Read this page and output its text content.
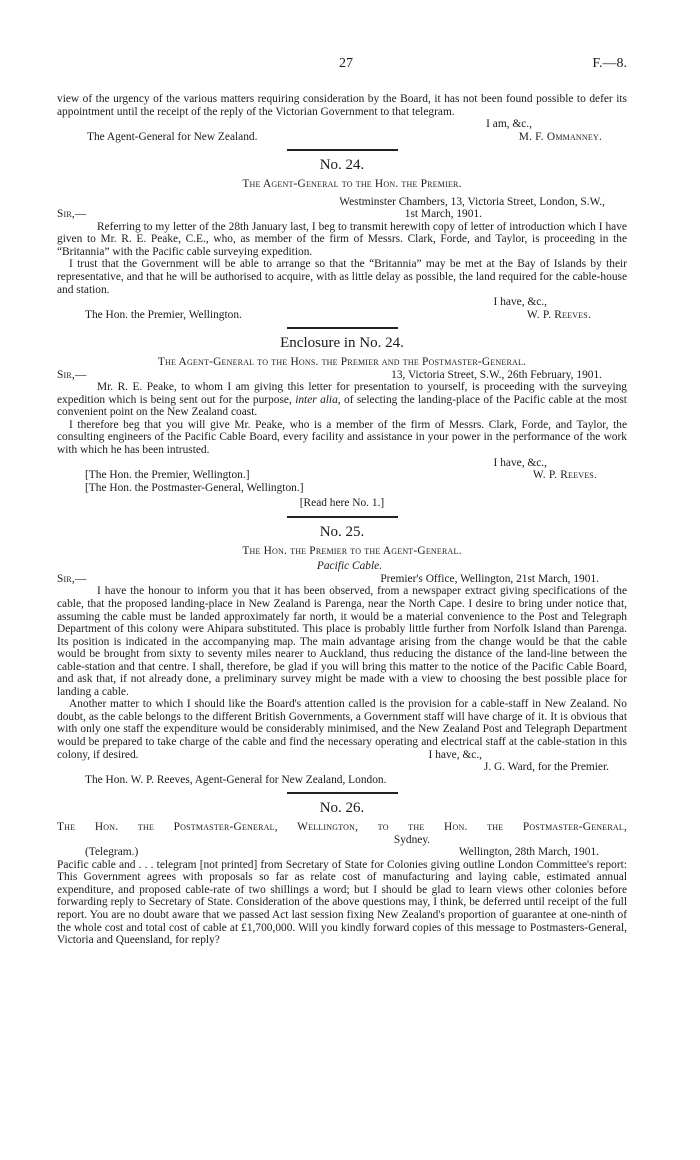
27	F.—8.

view of the urgency of the various matters requiring consideration by the Board, it has not been found possible to defer its appointment until the receipt of the reply of the Victorian Government to that telegram.

I am, &c.,
The Agent-General for New Zealand.	M. F. Ommanney.
No. 24.
The Agent-General to the Hon. the Premier.
Westminster Chambers, 13, Victoria Street, London, S.W.,
Sir,—	1st March, 1901.

Referring to my letter of the 28th January last, I beg to transmit herewith copy of letter of introduction which I have given to Mr. R. E. Peake, C.E., who, as member of the firm of Messrs. Clark, Forde, and Taylor, is proceeding in the “Britannia” with the Pacific cable surveying expedition.

I trust that the Government will be able to arrange so that the “Britannia” may be met at the Bay of Islands by their representative, and that he will be authorised to acquire, with as little delay as possible, the land required for the cable-house and station.

I have, &c.,
The Hon. the Premier, Wellington.	W. P. Reeves.
Enclosure in No. 24.
The Agent-General to the Hons. the Premier and the Postmaster-General.
Sir,—	13, Victoria Street, S.W., 26th February, 1901.

Mr. R. E. Peake, to whom I am giving this letter for presentation to yourself, is proceeding with the surveying expedition which is being sent out for the purpose, inter alia, of selecting the landing-place of the Pacific cable at the most convenient point on the New Zealand coast.

I therefore beg that you will give Mr. Peake, who is a member of the firm of Messrs. Clark, Forde, and Taylor, the consulting engineers of the Pacific Cable Board, every facility and assistance in your power in the performance of the work with which he has been intrusted.

I have, &c.,
[The Hon. the Premier, Wellington.]	W. P. Reeves.
[The Hon. the Postmaster-General, Wellington.]
[Read here No. 1.]
No. 25.
The Hon. the Premier to the Agent-General.
Pacific Cable.
Sir,—	Premier's Office, Wellington, 21st March, 1901.

I have the honour to inform you that it has been observed, from a newspaper extract giving specifications of the cable, that the proposed landing-place in New Zealand is Parenga, near the North Cape. I desire to bring under notice that, assuming the cable must be landed approximately far north, it would be a material convenience to the Post and Telegraph Department of this colony were Ahipara substituted. This place is probably little further from Norfolk Island than Parenga. Its position is indicated in the accompanying map. The main advantage arising from the change would be that the cable would be brought from sixty to seventy miles nearer to Auckland, thus reducing the distance of the land-line between the cable-station and that centre. I shall, therefore, be glad if you will bring this matter to the notice of the Pacific Cable Board, and ask that, if not already done, a preliminary survey might be made with a view to choosing the best possible place for landing a cable.

Another matter to which I should like the Board's attention called is the provision for a cable-staff in New Zealand. No doubt, as the cable belongs to the different British Governments, a Government staff will have charge of it. It is obvious that with only one staff the expenditure would be considerably minimised, and the New Zealand Post and Telegraph Department would be prepared to take charge of the cable and find the necessary operating and electrical staff at the cable-station in this colony, if desired.	I have, &c.,
J. G. Ward, for the Premier.
The Hon. W. P. Reeves, Agent-General for New Zealand, London.
No. 26.
The Hon. the Postmaster-General, Wellington, to the Hon. the Postmaster-General,
Sydney.
(Telegram.)	Wellington, 28th March, 1901.

Pacific cable and . . . telegram [not printed] from Secretary of State for Colonies giving outline London Committee's report: This Government agrees with proposals so far as relate cost of manufacturing and laying cable, estimated annual expenditure, and proposed cable-rate of two shillings a word; but I should be glad to learn views other colonies before forwarding reply to Secretary of State. Consideration of the above questions may, I think, be deferred until receipt of the full report. You are no doubt aware that we passed Act last session fixing New Zealand's proportion of guarantee at one-ninth of the whole cost and total cost of cable at £1,700,000. Will you kindly forward copies of this message to Postmasters-General, Victoria and Queensland, for reply?
